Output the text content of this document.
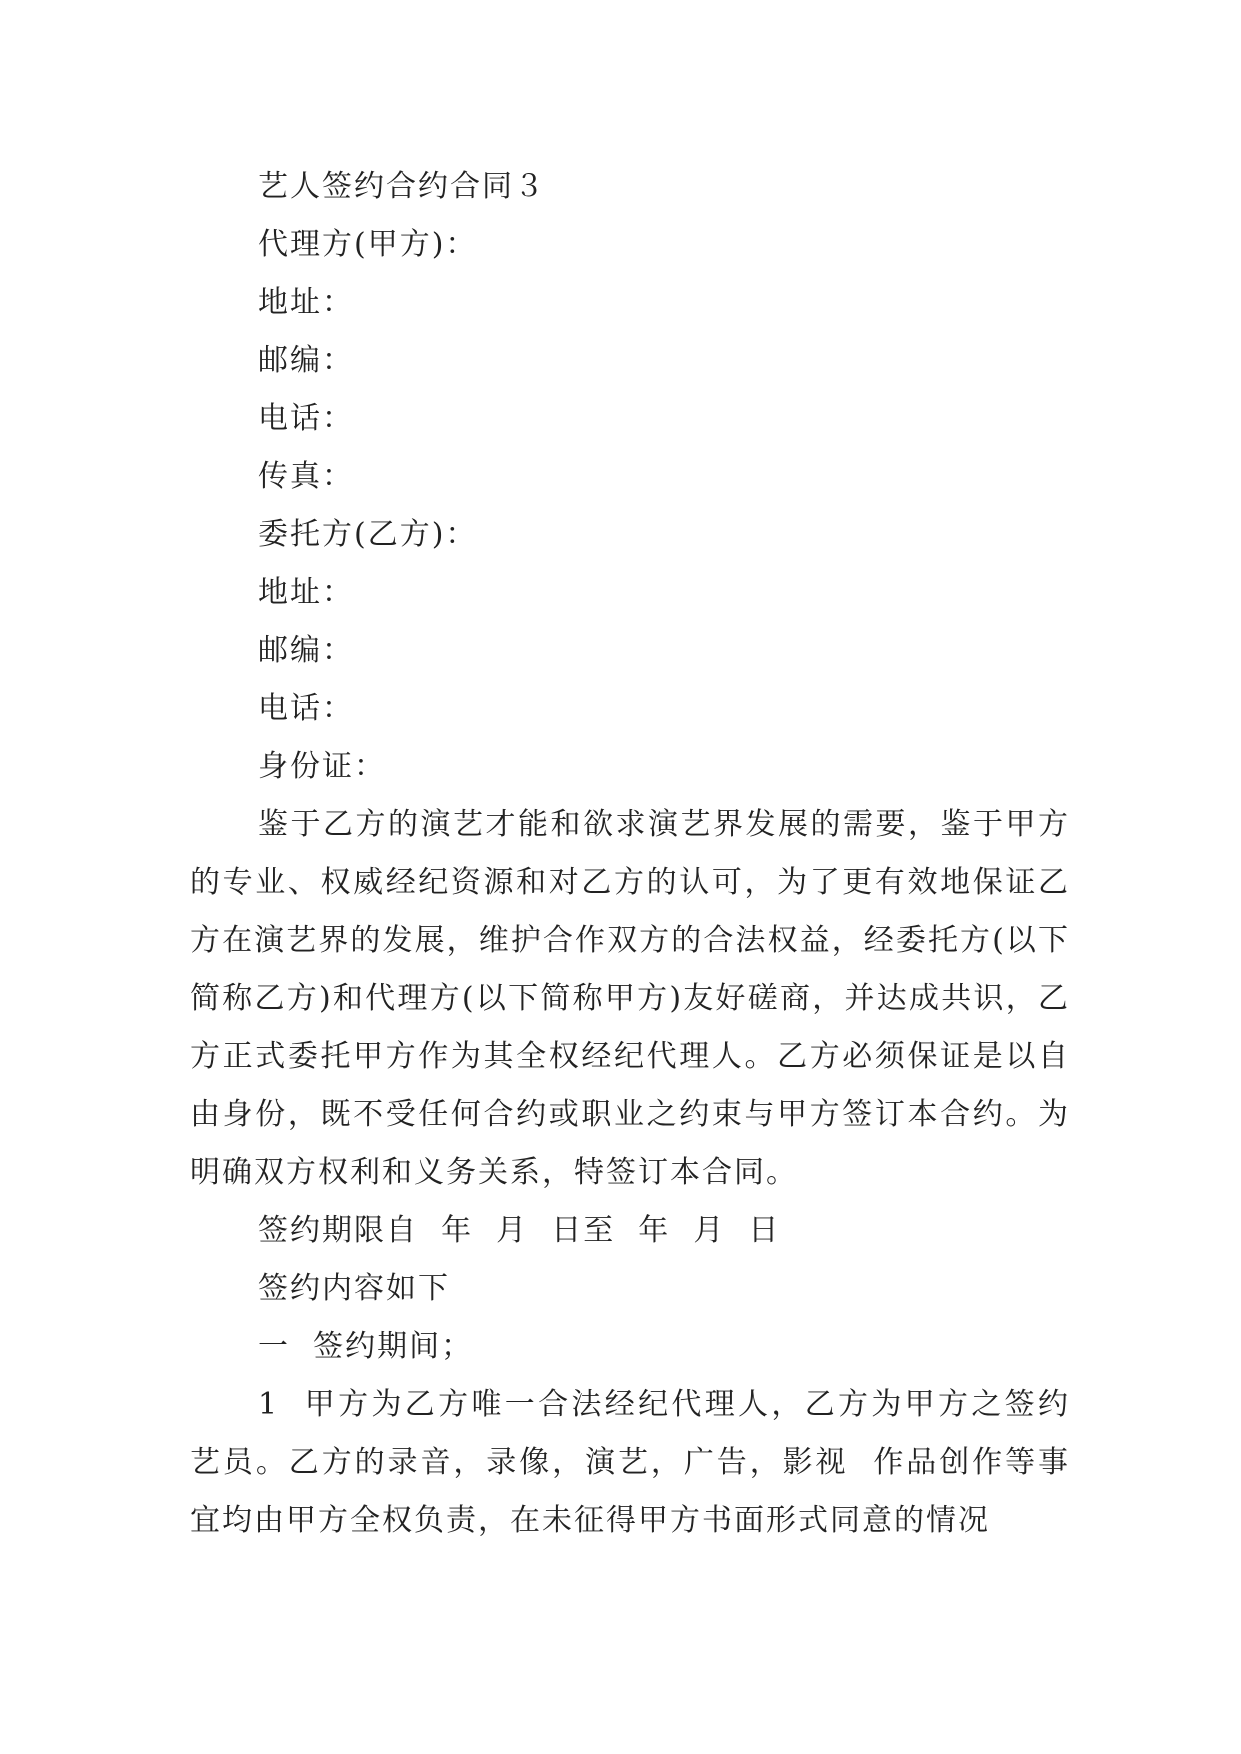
艺人签约合约合同３
代理方(甲方)：
地址：
邮编：
电话：
传真：
委托方(乙方)：
地址：
邮编：
电话：
身份证：

鉴于乙方的演艺才能和欲求演艺界发展的需要，鉴于甲方的专业、权威经纪资源和对乙方的认可，为了更有效地保证乙方在演艺界的发展，维护合作双方的合法权益，经委托方(以下简称乙方)和代理方(以下简称甲方)友好磋商，并达成共识，乙方正式委托甲方作为其全权经纪代理人。乙方必须保证是以自由身份，既不受任何合约或职业之约束与甲方签订本合约。为明确双方权利和义务关系，特签订本合同。

签约期限自  年  月  日至  年  月  日
签约内容如下
一  签约期间；

1  甲方为乙方唯一合法经纪代理人，乙方为甲方之签约艺员。乙方的录音，录像，演艺，广告，影视  作品创作等事宜均由甲方全权负责，在未征得甲方书面形式同意的情况
